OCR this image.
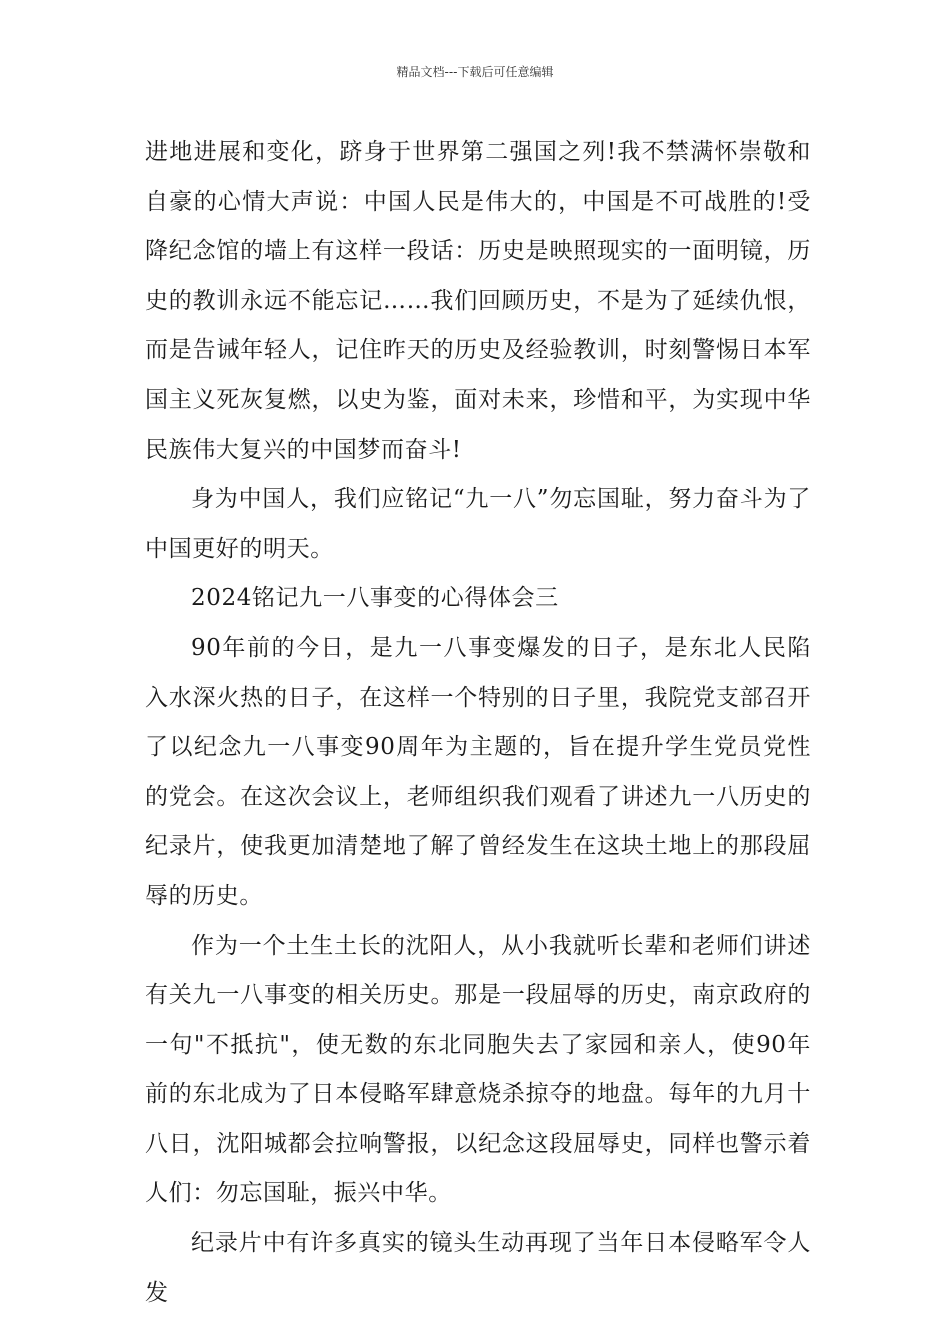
精品文档---下载后可任意编辑

进地进展和变化，跻身于世界第二强国之列!我不禁满怀崇敬和自豪的心情大声说：中国人民是伟大的，中国是不可战胜的!受降纪念馆的墙上有这样一段话：历史是映照现实的一面明镜，历史的教训永远不能忘记……我们回顾历史，不是为了延续仇恨，而是告诫年轻人，记住昨天的历史及经验教训，时刻警惕日本军国主义死灰复燃，以史为鉴，面对未来，珍惜和平，为实现中华民族伟大复兴的中国梦而奋斗!

身为中国人，我们应铭记“九一八”勿忘国耻，努力奋斗为了中国更好的明天。

2024铭记九一八事变的心得体会三

90年前的今日，是九一八事变爆发的日子，是东北人民陷入水深火热的日子，在这样一个特别的日子里，我院党支部召开了以纪念九一八事变90周年为主题的，旨在提升学生党员党性的党会。在这次会议上，老师组织我们观看了讲述九一八历史的纪录片，使我更加清楚地了解了曾经发生在这块土地上的那段屈辱的历史。

作为一个土生土长的沈阳人，从小我就听长辈和老师们讲述有关九一八事变的相关历史。那是一段屈辱的历史，南京政府的一句"不抵抗"，使无数的东北同胞失去了家园和亲人，使90年前的东北成为了日本侵略军肆意烧杀掠夺的地盘。每年的九月十八日，沈阳城都会拉响警报，以纪念这段屈辱史，同样也警示着人们：勿忘国耻，振兴中华。

纪录片中有许多真实的镜头生动再现了当年日本侵略军令人发
